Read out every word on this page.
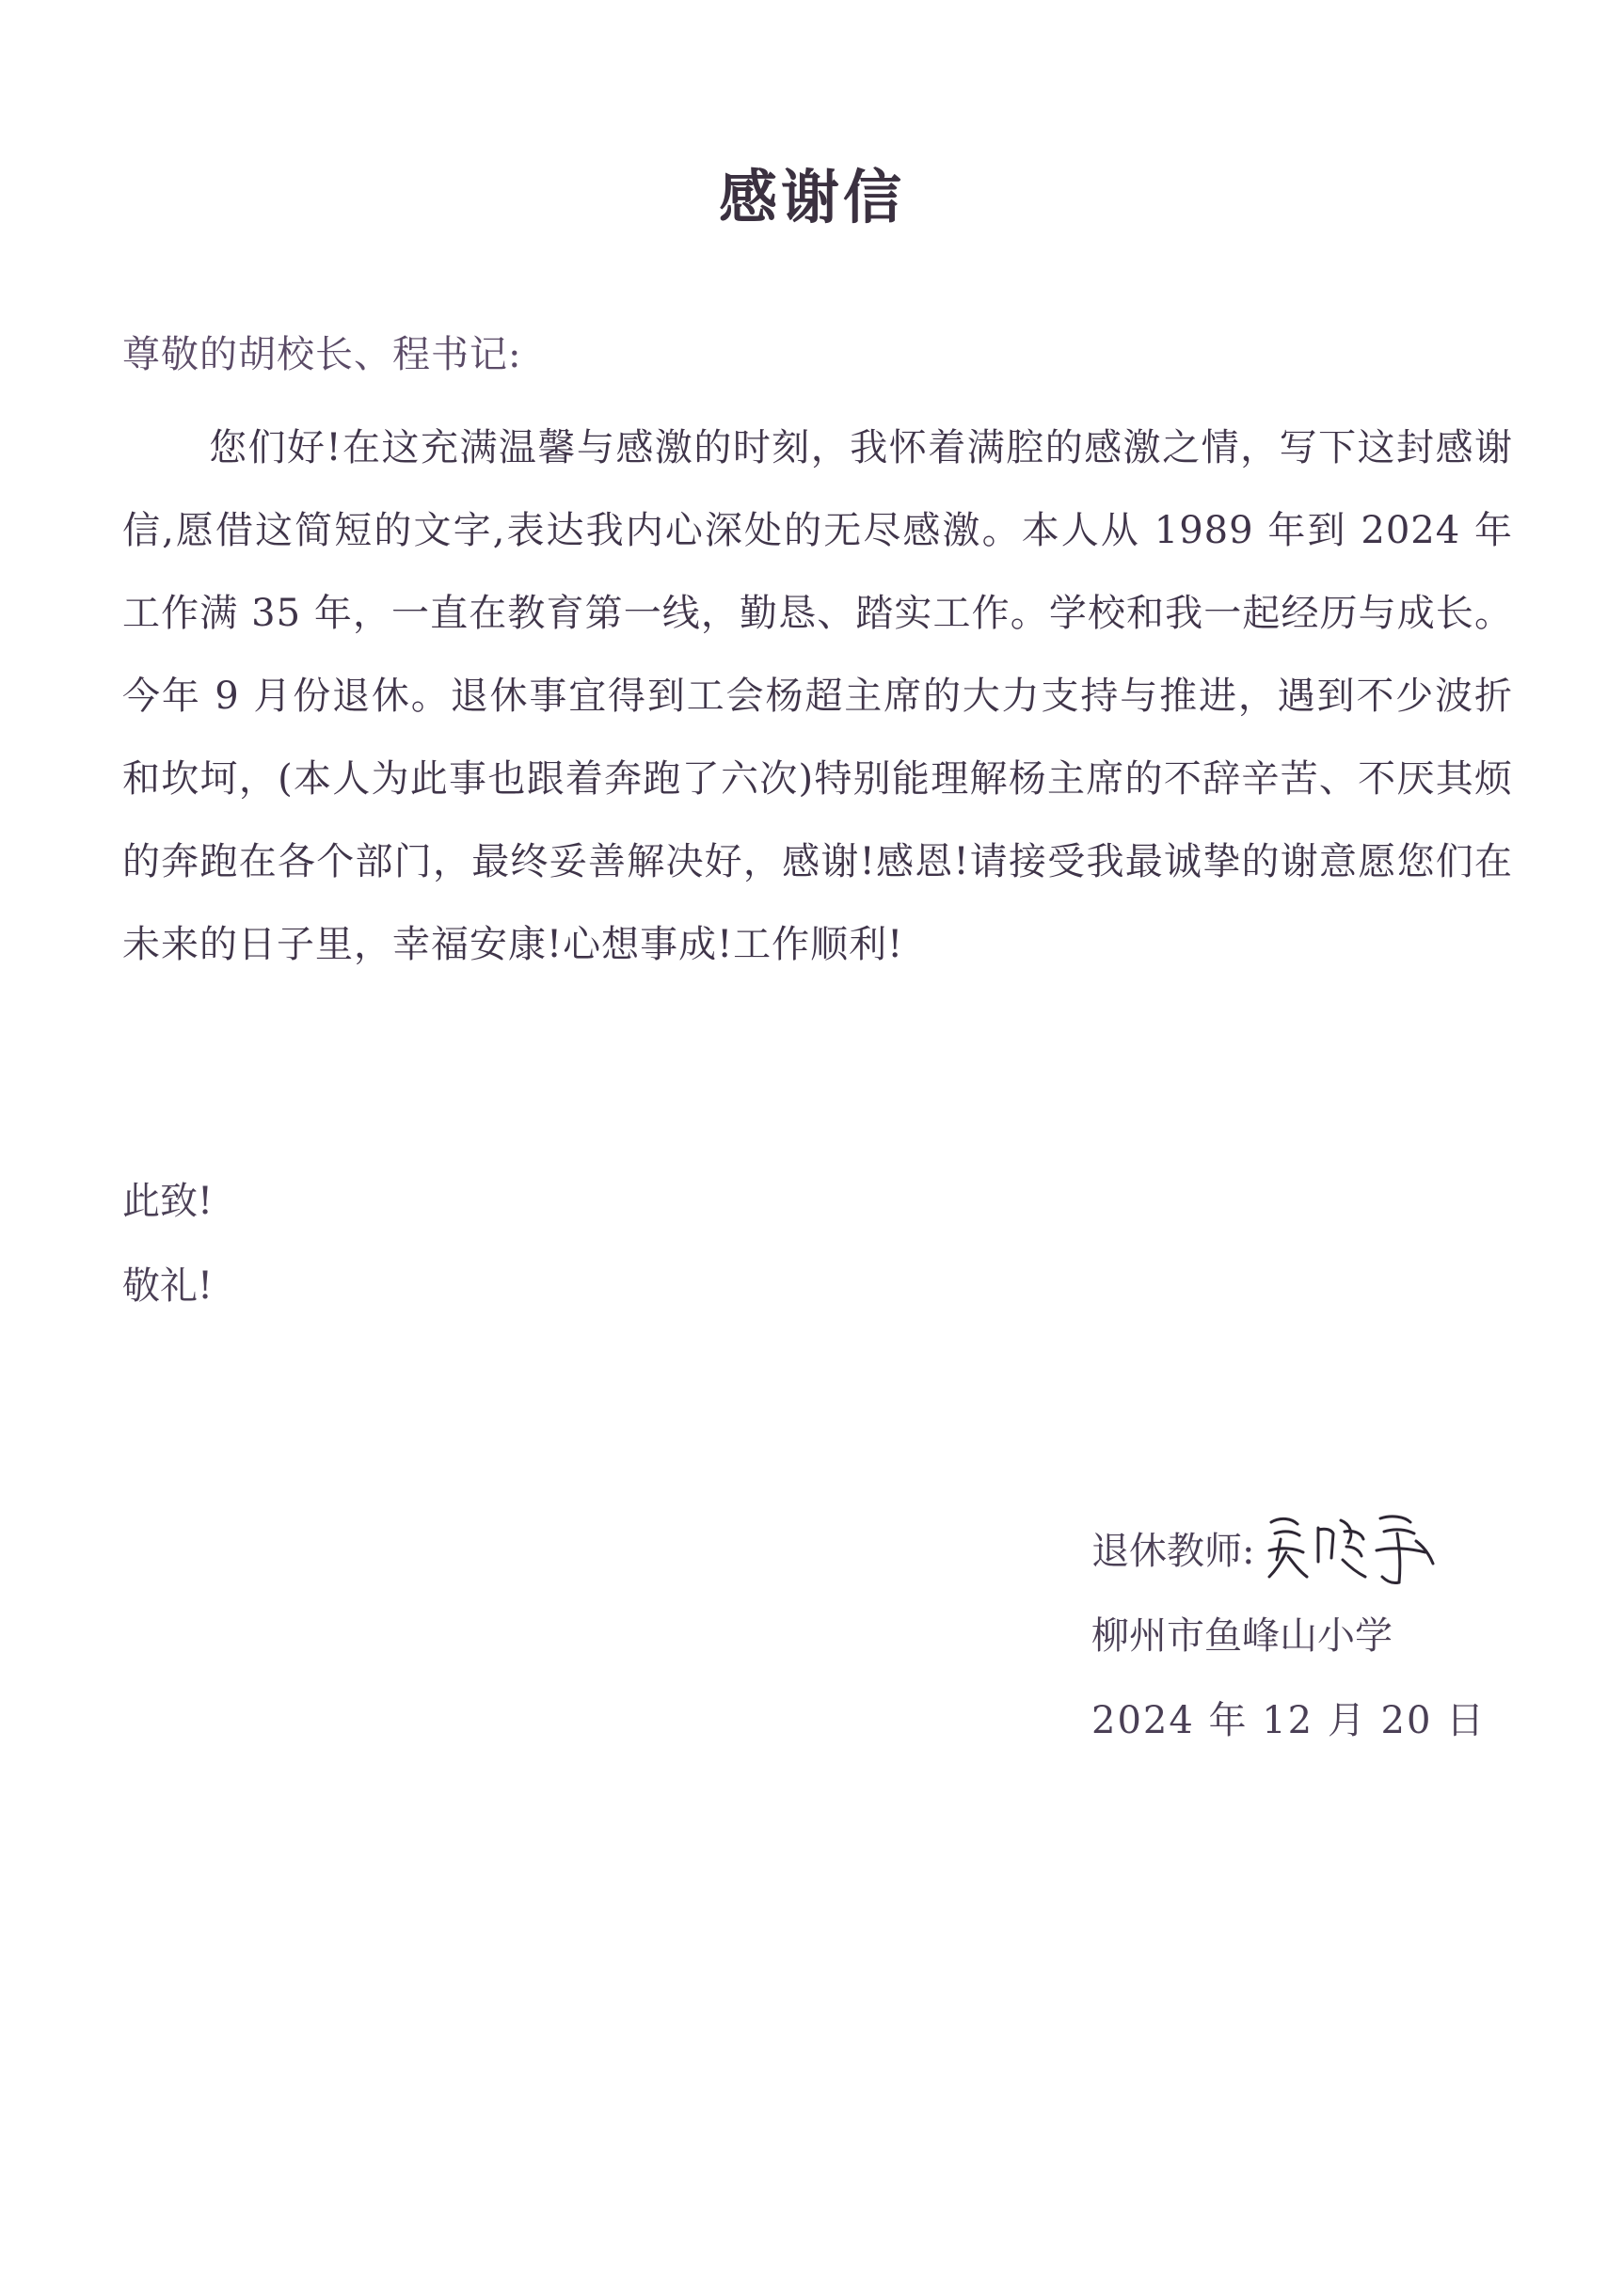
感谢信
尊敬的胡校长、程书记:

您们好!在这充满温馨与感激的时刻，我怀着满腔的感激之情，写下这封感谢信,愿借这简短的文字,表达我内心深处的无尽感激。本人从 1989 年到 2024 年工作满 35 年，一直在教育第一线，勤恳、踏实工作。学校和我一起经历与成长。今年 9 月份退休。退休事宜得到工会杨超主席的大力支持与推进，遇到不少波折和坎坷，(本人为此事也跟着奔跑了六次)特别能理解杨主席的不辞辛苦、不厌其烦的奔跑在各个部门，最终妥善解决好，感谢!感恩!请接受我最诚挚的谢意愿您们在未来的日子里，幸福安康!心想事成!工作顺利!

此致!
敬礼!
退休教师:
柳州市鱼峰山小学
2024 年 12 月 20 日
